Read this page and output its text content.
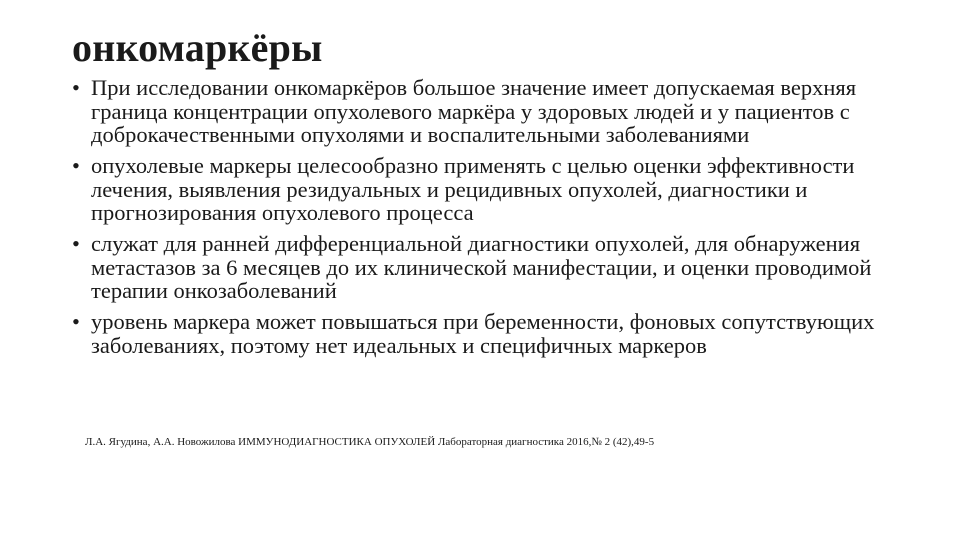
онкомаркёры
• При исследовании онкомаркёров большое значение имеет допускаемая верхняя граница концентрации опухолевого маркёра у здоровых людей и у пациентов с доброкачественными опухолями и воспалительными заболеваниями
• опухолевые маркеры целесообразно применять с целью оценки эффективности лечения, выявления резидуальных и рецидивных опухолей, диагностики и прогнозирования опухолевого процесса
• служат для ранней дифференциальной диагностики опухолей, для обнаружения метастазов за 6 месяцев до их клинической манифестации, и оценки проводимой терапии онкозаболеваний
• уровень маркера может повышаться при беременности, фоновых сопутствующих заболеваниях, поэтому нет идеальных и специфичных маркеров

Л.А. Ягудина, А.А. Новожилова ИММУНОДИАГНОСТИКА ОПУХОЛЕЙ Лабораторная диагностика 2016,№ 2 (42),49-5
